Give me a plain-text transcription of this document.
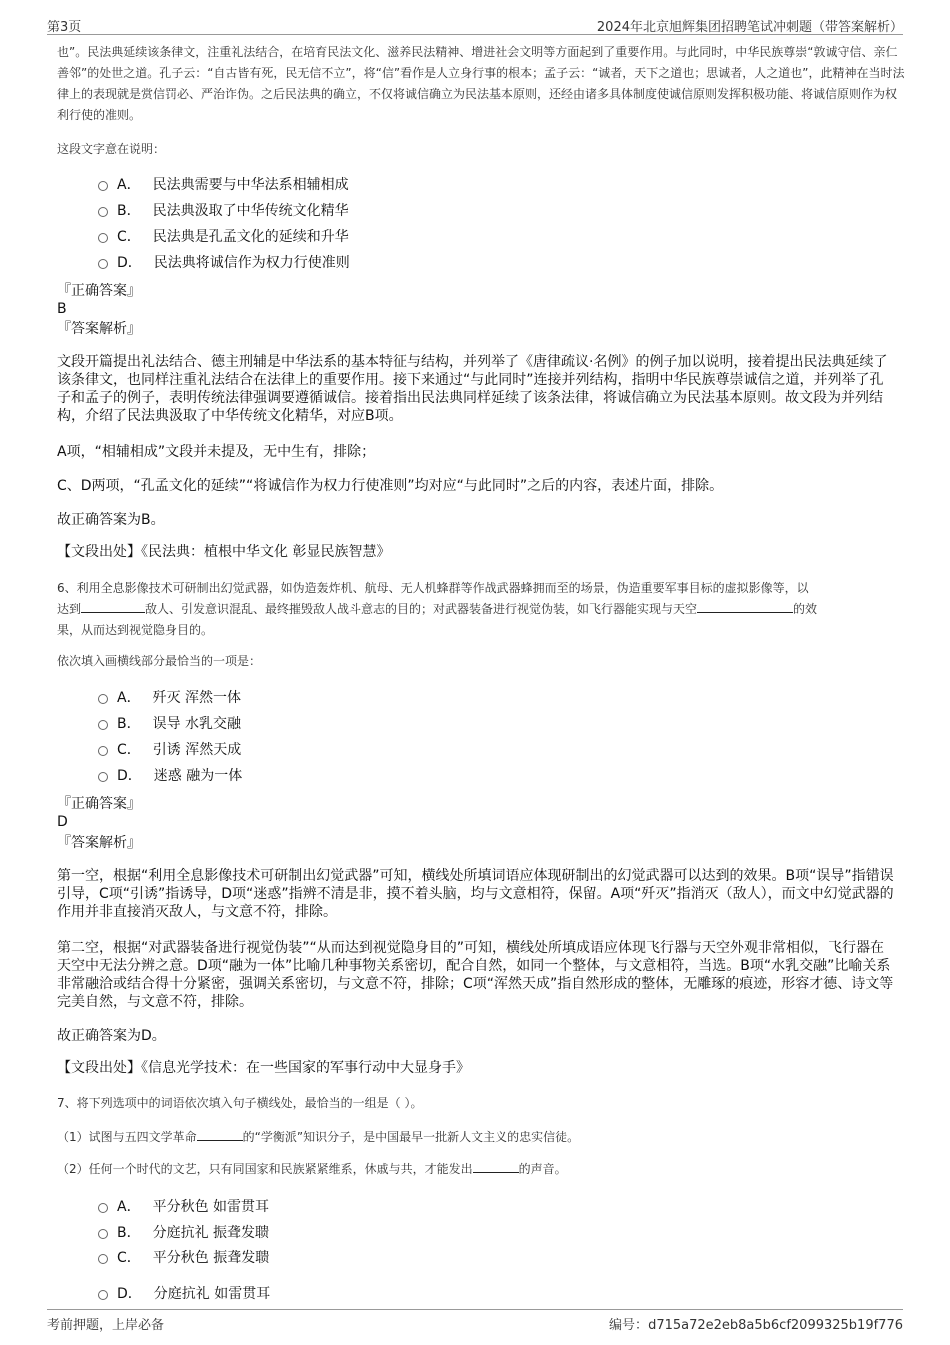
第3页	2024年北京旭辉集团招聘笔试冲刺题（带答案解析）
也”。民法典延续该条律文，注重礼法结合，在培育民法文化、滋养民法精神、增进社会文明等方面起到了重要作用。与此同时，中华民族尊崇“敦诚守信、亲仁善邻”的处世之道。孔子云：“自古皆有死，民无信不立”，将“信”看作是人立身行事的根本；孟子云：“诚者，天下之道也；思诚者，人之道也”，此精神在当时法律上的表现就是赏信罚必、严治诈伪。之后民法典的确立，不仅将诚信确立为民法基本原则，还经由诸多具体制度使诚信原则发挥积极功能、将诚信原则作为权利行使的准则。
这段文字意在说明：
A． 民法典需要与中华法系相辅相成
B． 民法典汲取了中华传统文化精华
C． 民法典是孔孟文化的延续和升华
D． 民法典将诚信作为权力行使准则
『正确答案』
B
『答案解析』
文段开篇提出礼法结合、德主刑辅是中华法系的基本特征与结构，并列举了《唐律疏议·名例》的例子加以说明，接着提出民法典延续了该条律文，也同样注重礼法结合在法律上的重要作用。接下来通过“与此同时”连接并列结构，指明中华民族尊崇诚信之道，并列举了孔子和孟子的例子，表明传统法律强调要遵循诚信。接着指出民法典同样延续了该条法律，将诚信确立为民法基本原则。故文段为并列结构，介绍了民法典汲取了中华传统文化精华，对应B项。
A项，“相辅相成”文段并未提及，无中生有，排除；
C、D两项，“孔孟文化的延续”“将诚信作为权力行使准则”均对应“与此同时”之后的内容，表述片面，排除。
故正确答案为B。
【文段出处】《民法典：植根中华文化 彰显民族智慧》
6、利用全息影像技术可研制出幻觉武器，如伪造轰炸机、航母、无人机蜂群等作战武器蜂拥而至的场景，伪造重要军事目标的虚拟影像等，以
达到	敌人、引发意识混乱、最终摧毁敌人战斗意志的目的；对武器装备进行视觉伪装，如飞行器能实现与天空	的效
果，从而达到视觉隐身目的。
依次填入画横线部分最恰当的一项是：
A． 歼灭 浑然一体
B． 误导 水乳交融
C． 引诱 浑然天成
D． 迷惑 融为一体
『正确答案』
D
『答案解析』
第一空，根据“利用全息影像技术可研制出幻觉武器”可知，横线处所填词语应体现研制出的幻觉武器可以达到的效果。B项“误导”指错误引导，C项“引诱”指诱导，D项“迷惑”指辨不清是非，摸不着头脑，均与文意相符，保留。A项“歼灭”指消灭（敌人），而文中幻觉武器的作用并非直接消灭敌人，与文意不符，排除。
第二空，根据“对武器装备进行视觉伪装”“从而达到视觉隐身目的”可知，横线处所填成语应体现飞行器与天空外观非常相似，飞行器在天空中无法分辨之意。D项“融为一体”比喻几种事物关系密切，配合自然，如同一个整体，与文意相符，当选。B项“水乳交融”比喻关系非常融洽或结合得十分紧密，强调关系密切，与文意不符，排除；C项“浑然天成”指自然形成的整体，无雕琢的痕迹，形容才德、诗文等完美自然，与文意不符，排除。
故正确答案为D。
【文段出处】《信息光学技术：在一些国家的军事行动中大显身手》
7、将下列选项中的词语依次填入句子横线处，最恰当的一组是（ ）。
（1）试图与五四文学革命	的“学衡派”知识分子，是中国最早一批新人文主义的忠实信徒。
（2）任何一个时代的文艺，只有同国家和民族紧紧维系，休戚与共，才能发出	的声音。
A． 平分秋色 如雷贯耳
B． 分庭抗礼 振聋发聩
C． 平分秋色 振聋发聩
D． 分庭抗礼 如雷贯耳
考前押题，上岸必备	编号：d715a72e2eb8a5b6cf2099325b19f776
